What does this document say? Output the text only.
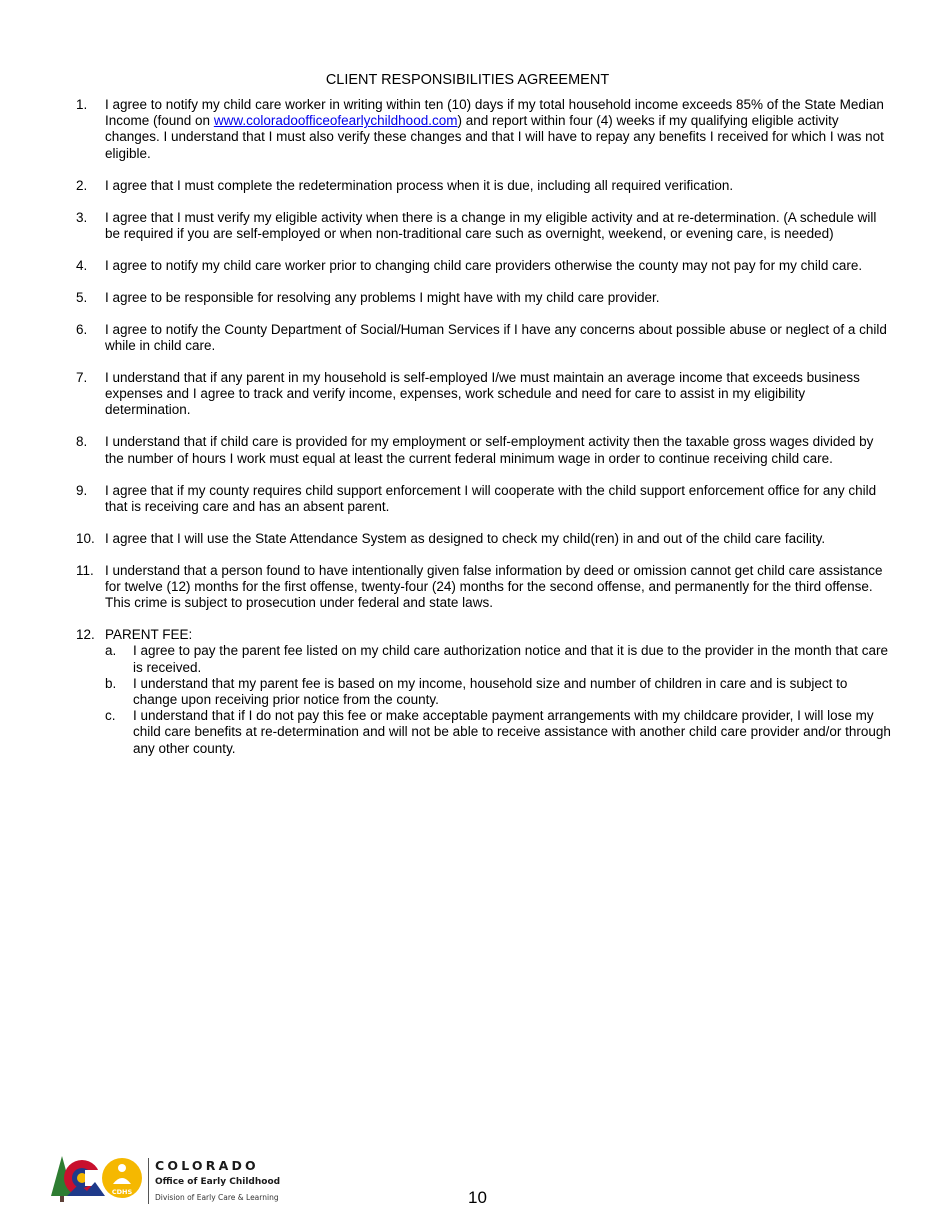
CLIENT RESPONSIBILITIES AGREEMENT
1.	I agree to notify my child care worker in writing within ten (10) days if my total household income exceeds 85% of the State Median Income (found on www.coloradoofficeofearlychildhood.com) and report within four (4) weeks if my qualifying eligible activity changes. I understand that I must also verify these changes and that I will have to repay any benefits I received for which I was not eligible.
2.	I agree that I must complete the redetermination process when it is due, including all required verification.
3.	I agree that I must verify my eligible activity when there is a change in my eligible activity and at re-determination. (A schedule will be required if you are self-employed or when non-traditional care such as overnight, weekend, or evening care, is needed)
4.	I agree to notify my child care worker prior to changing child care providers otherwise the county may not pay for my child care.
5.	I agree to be responsible for resolving any problems I might have with my child care provider.
6.	I agree to notify the County Department of Social/Human Services if I have any concerns about possible abuse or neglect of a child while in child care.
7.	I understand that if any parent in my household is self-employed I/we must maintain an average income that exceeds business expenses and I agree to track and verify income, expenses, work schedule and need for care to assist in my eligibility determination.
8.	I understand that if child care is provided for my employment or self-employment activity then the taxable gross wages divided by the number of hours I work must equal at least the current federal minimum wage in order to continue receiving child care.
9.	I agree that if my county requires child support enforcement I will cooperate with the child support enforcement office for any child that is receiving care and has an absent parent.
10. I agree that I will use the State Attendance System as designed to check my child(ren) in and out of the child care facility.
11. I understand that a person found to have intentionally given false information by deed or omission cannot get child care assistance for twelve (12) months for the first offense, twenty-four (24) months for the second offense, and permanently for the third offense. This crime is subject to prosecution under federal and state laws.
12. PARENT FEE:
a.	I agree to pay the parent fee listed on my child care authorization notice and that it is due to the provider in the month that care is received.
b.	I understand that my parent fee is based on my income, household size and number of children in care and is subject to change upon receiving prior notice from the county.
c.	I understand that if I do not pay this fee or make acceptable payment arrangements with my childcare provider, I will lose my child care benefits at re-determination and will not be able to receive assistance with another child care provider and/or through any other county.
CDHS
COLORADO
Office of Early Childhood
Division of Early Care & Learning	10
